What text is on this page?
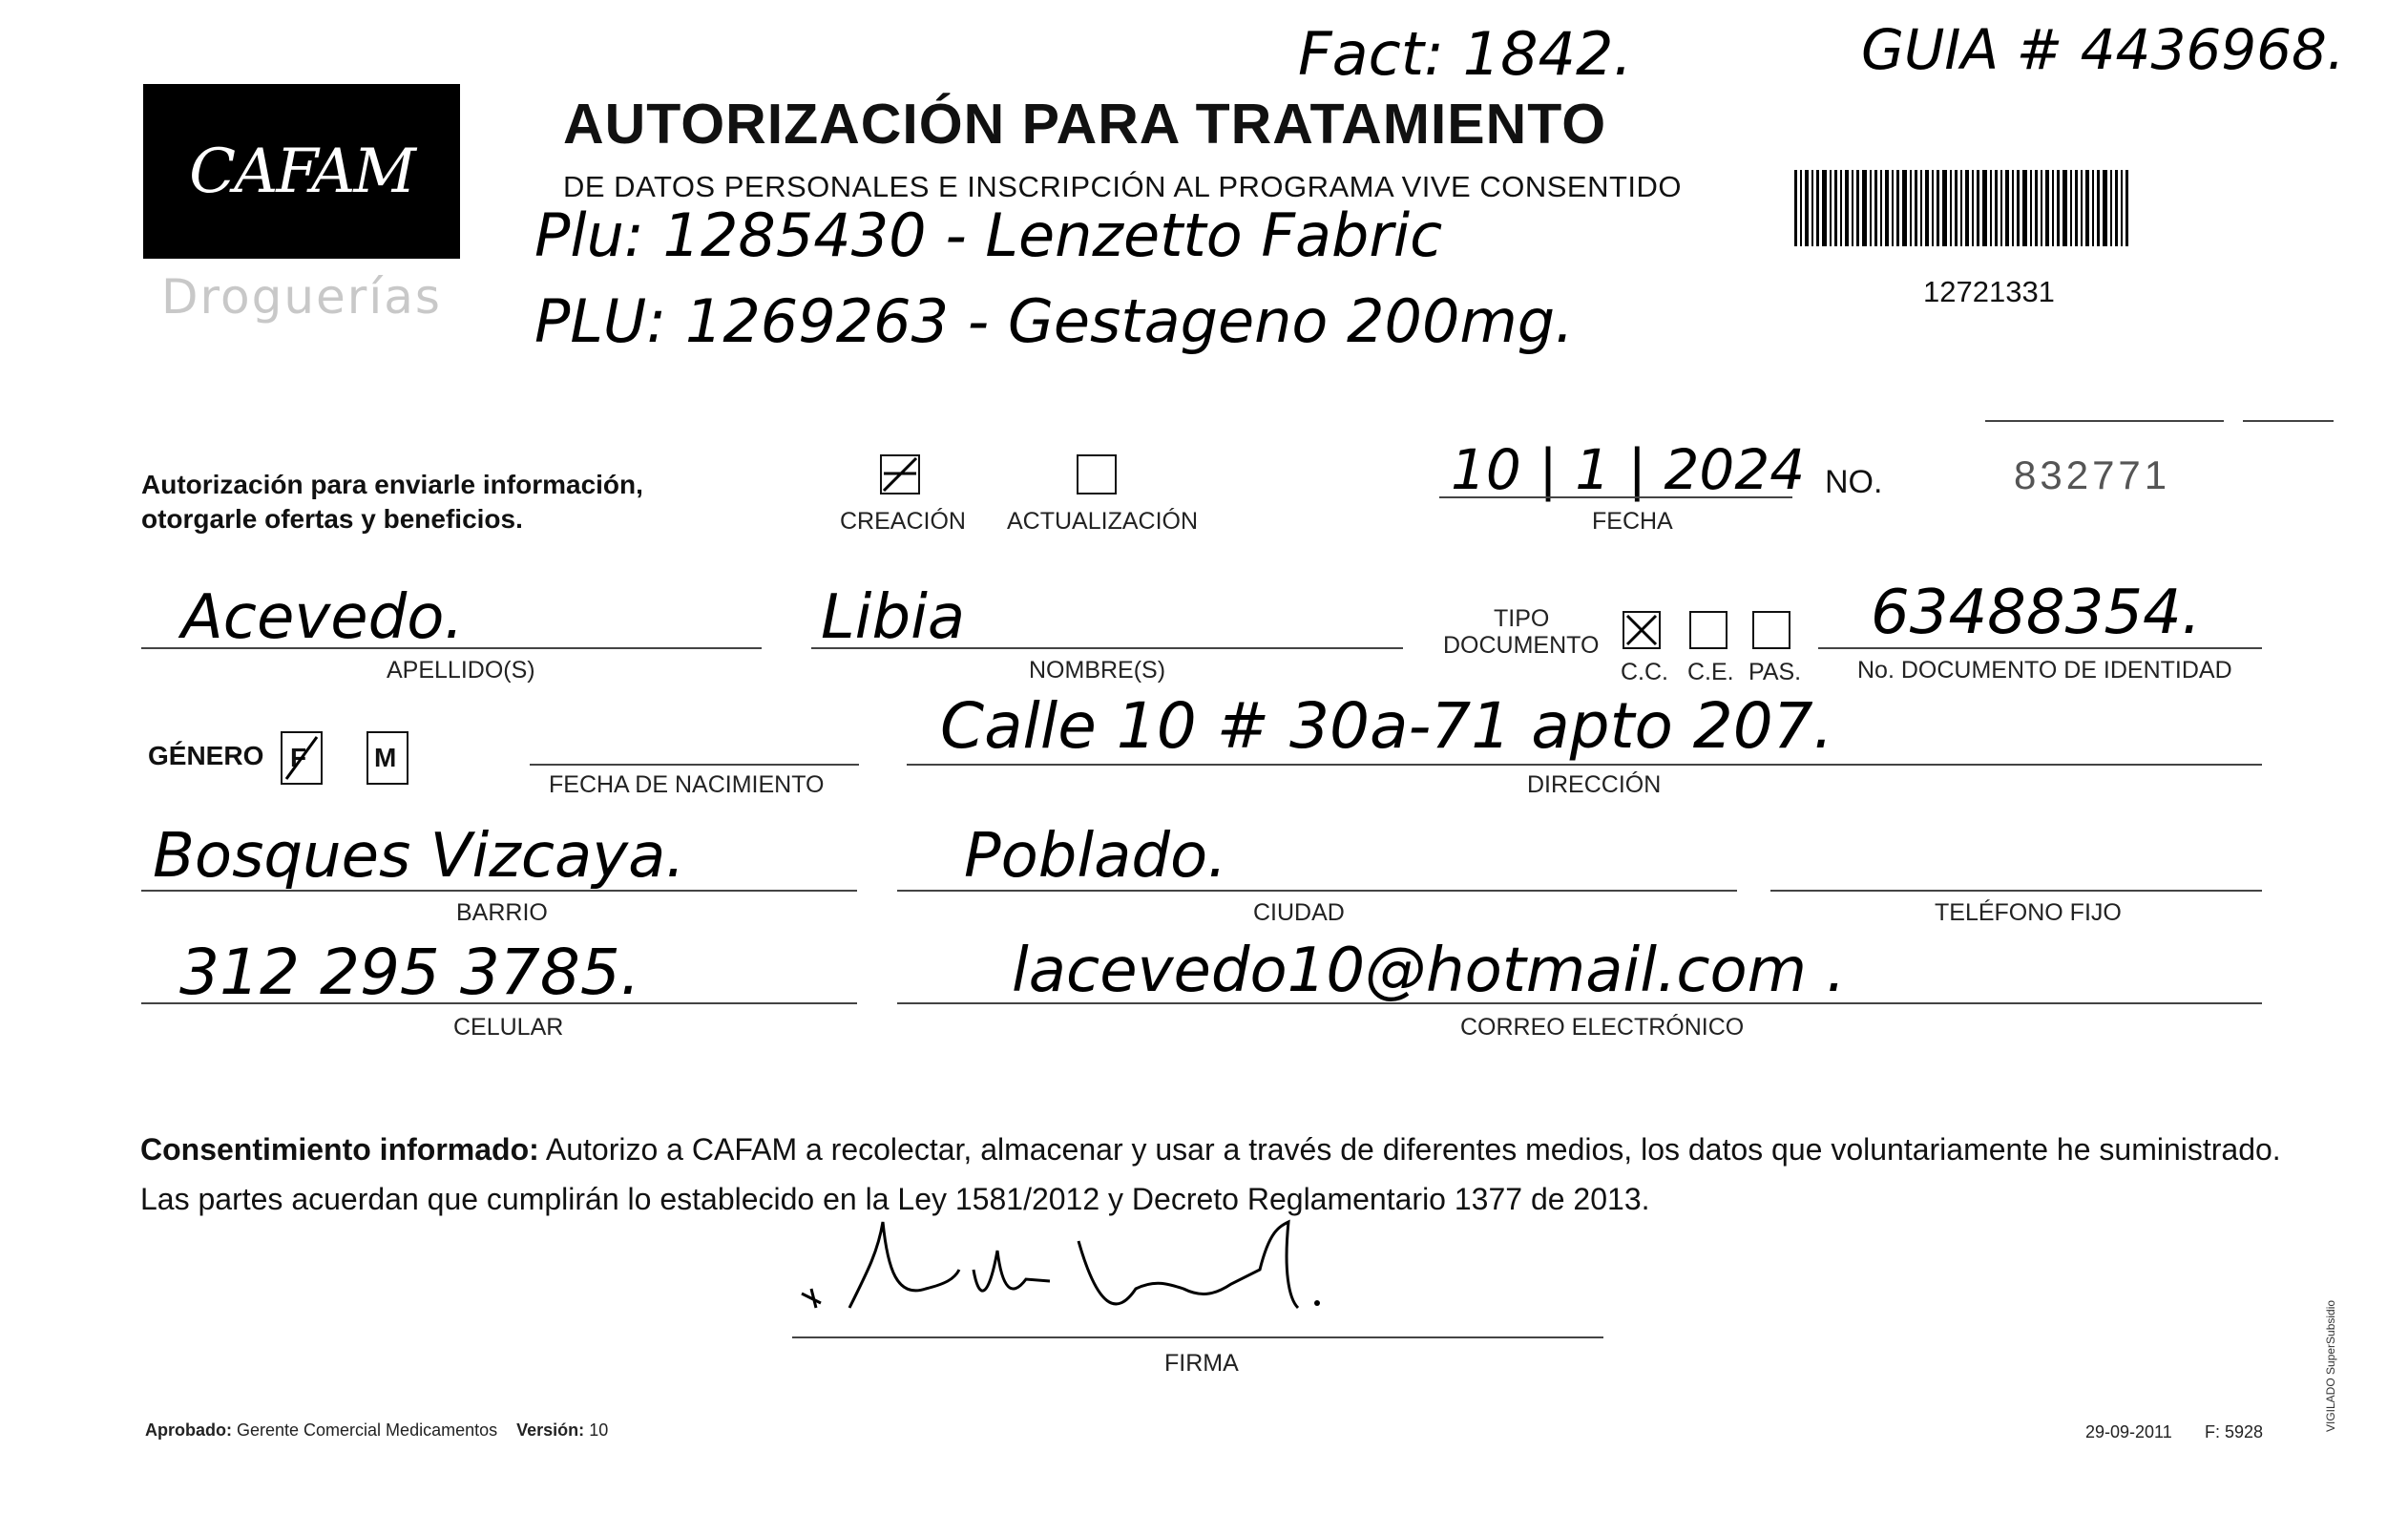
CAFAM
Droguerías
AUTORIZACIÓN PARA TRATAMIENTO
DE DATOS PERSONALES E INSCRIPCIÓN AL PROGRAMA VIVE CONSENTIDO
Fact: 1842.	GUIA # 4436968.
Plu: 1285430 - Lenzetto Fabric
PLU: 1269263 - Gestageno 200mg.	12721331
Autorización para enviarle información,
otorgarle ofertas y beneficios.	CREACIÓN ACTUALIZACIÓN
10 | 1 | 2024
FECHA
NO.	832771
Acevedo.
APELLIDO(S)
Libia
NOMBRE(S)
TIPO
DOCUMENTO
C.C. C.E. PAS.
63488354.
No. DOCUMENTO DE IDENTIDAD
GÉNERO F	M
FECHA DE NACIMIENTO
Calle 10 # 30a-71 apto 207.
DIRECCIÓN
Bosques Vizcaya.
BARRIO
Poblado.
CIUDAD	TELÉFONO FIJO
312 295 3785.
CELULAR
lacevedo10@hotmail.com .
CORREO ELECTRÓNICO
Consentimiento informado: Autorizo a CAFAM a recolectar, almacenar y usar a través de diferentes medios, los datos que voluntariamente he suministrado.
Las partes acuerdan que cumplirán lo establecido en la Ley 1581/2012 y Decreto Reglamentario 1377 de 2013.
FIRMA
Aprobado: Gerente Comercial Medicamentos Versión: 10	29-09-2011 F: 5928	VIGILADO SuperSubsidio
